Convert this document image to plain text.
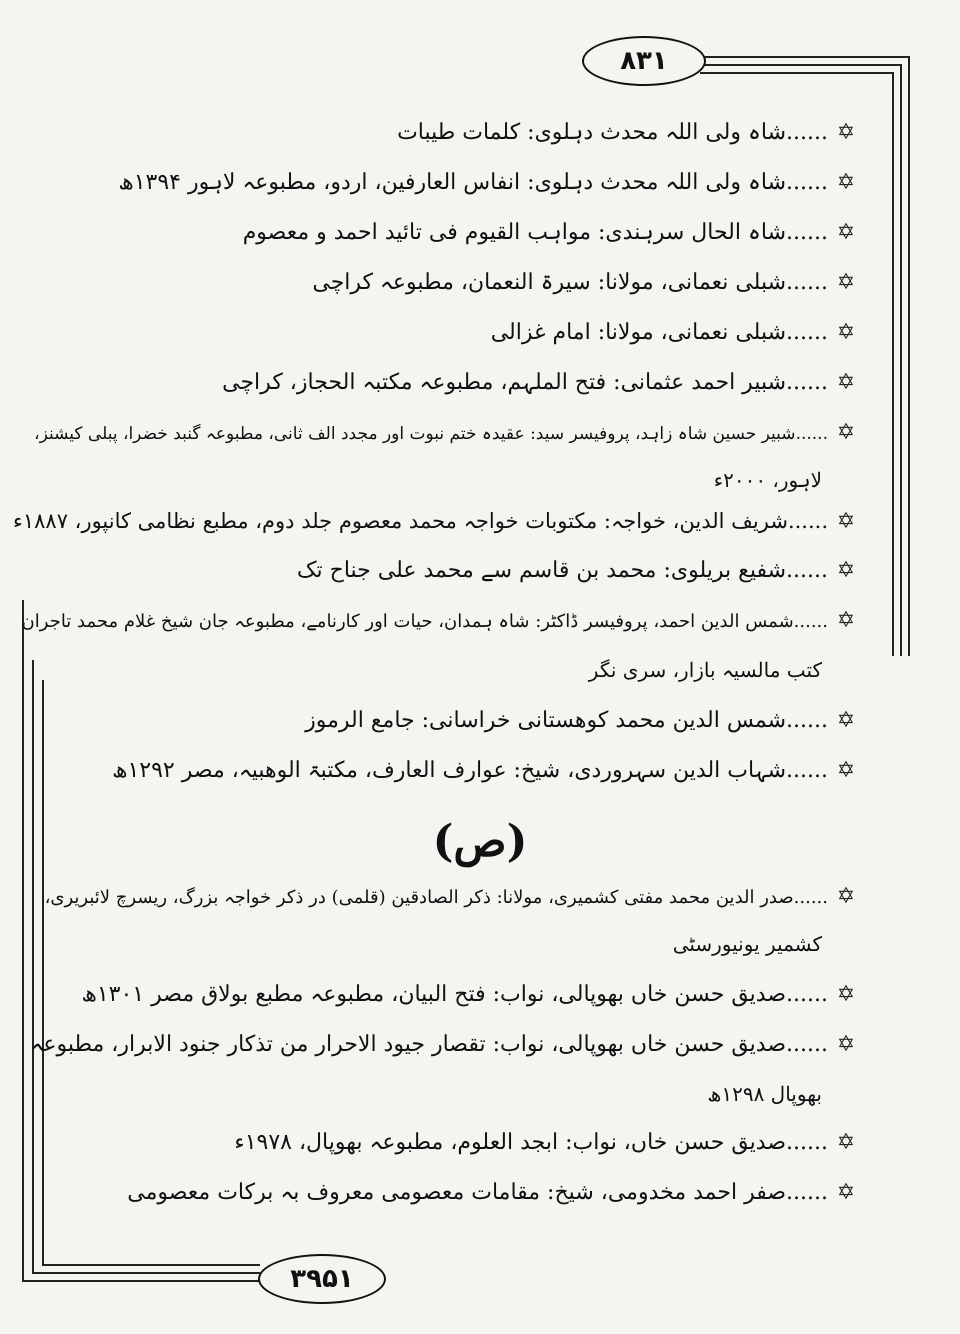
۸۳۱
۳۹۵۱
✡......شاہ ولی اللہ محدث دہلوی: کلمات طیبات
✡......شاہ ولی اللہ محدث دہلوی: انفاس العارفین، اردو، مطبوعہ لاہور ۱۳۹۴ھ
✡......شاہ الحال سرہندی: مواہب القیوم فی تائید احمد و معصوم
✡......شبلی نعمانی، مولانا: سیرۃ النعمان، مطبوعہ کراچی
✡......شبلی نعمانی، مولانا: امام غزالی
✡......شبیر احمد عثمانی: فتح الملہم، مطبوعہ مکتبہ الحجاز، کراچی
✡......شبیر حسین شاہ زاہد، پروفیسر سید: عقیدہ ختم نبوت اور مجدد الف ثانی، مطبوعہ گنبد خضرا، پبلی کیشنز،
لاہور، ۲۰۰۰ء
✡......شریف الدین، خواجہ: مکتوبات خواجہ محمد معصوم جلد دوم، مطبع نظامی کانپور، ۱۸۸۷ء
✡......شفیع بریلوی: محمد بن قاسم سے محمد علی جناح تک
✡......شمس الدین احمد، پروفیسر ڈاکٹر: شاہ ہمدان، حیات اور کارنامے، مطبوعہ جان شیخ غلام محمد تاجران
کتب مالسیہ بازار، سری نگر
✡......شمس الدین محمد کوھستانی خراسانی: جامع الرموز
✡......شہاب الدین سہروردی، شیخ: عوارف العارف، مکتبۃ الوھبیہ، مصر ۱۲۹۲ھ
(ص)
✡......صدر الدین محمد مفتی کشمیری، مولانا: ذکر الصادقین (قلمی) در ذکر خواجہ بزرگ، ریسرچ لائبریری،
کشمیر یونیورسٹی
✡......صدیق حسن خاں بھوپالی، نواب: فتح البیان، مطبوعہ مطبع بولاق مصر ۱۳۰۱ھ
✡......صدیق حسن خاں بھوپالی، نواب: تقصار جیود الاحرار من تذکار جنود الابرار، مطبوعہ
بھوپال ۱۲۹۸ھ
✡......صدیق حسن خاں، نواب: ابجد العلوم، مطبوعہ بھوپال، ۱۹۷۸ء
✡......صفر احمد مخدومی، شیخ: مقامات معصومی معروف بہ برکات معصومی
